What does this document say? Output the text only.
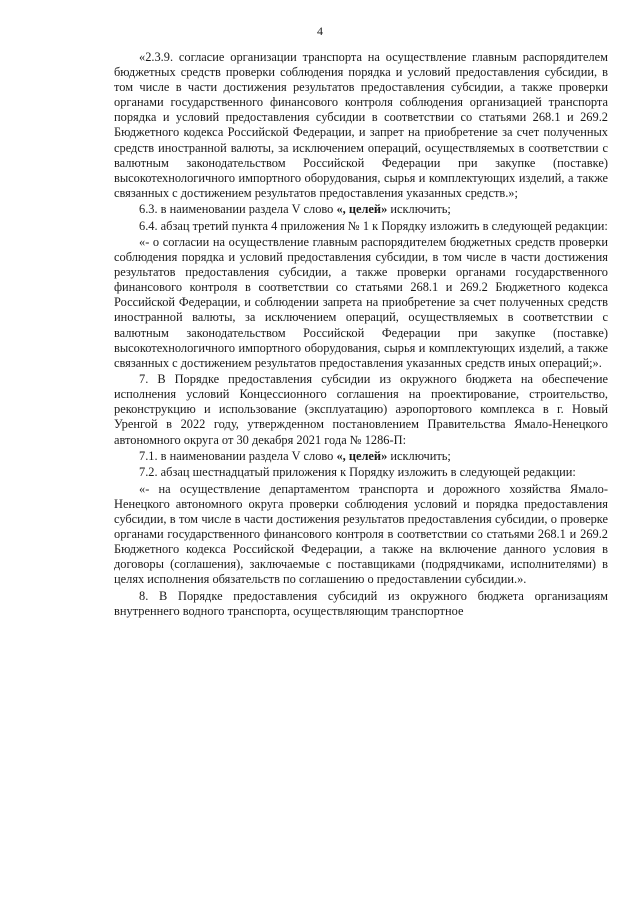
4

«2.3.9. согласие организации транспорта на осуществление главным распорядителем бюджетных средств проверки соблюдения порядка и условий предоставления субсидии, в том числе в части достижения результатов предоставления субсидии, а также проверки органами государственного финансового контроля соблюдения организацией транспорта порядка и условий предоставления субсидии в соответствии со статьями 268.1 и 269.2 Бюджетного кодекса Российской Федерации, и запрет на приобретение за счет полученных средств иностранной валюты, за исключением операций, осуществляемых в соответствии с валютным законодательством Российской Федерации при закупке (поставке) высокотехнологичного импортного оборудования, сырья и комплектующих изделий, а также связанных с достижением результатов предоставления указанных средств.»;

6.3. в наименовании раздела V слово «, целей» исключить;

6.4. абзац третий пункта 4 приложения № 1 к Порядку изложить в следующей редакции:

«- о согласии на осуществление главным распорядителем бюджетных средств проверки соблюдения порядка и условий предоставления субсидии, в том числе в части достижения результатов предоставления субсидии, а также проверки органами государственного финансового контроля в соответствии со статьями 268.1 и 269.2 Бюджетного кодекса Российской Федерации, и соблюдении запрета на приобретение за счет полученных средств иностранной валюты, за исключением операций, осуществляемых в соответствии с валютным законодательством Российской Федерации при закупке (поставке) высокотехнологичного импортного оборудования, сырья и комплектующих изделий, а также связанных с достижением результатов предоставления указанных средств иных операций;».

7. В Порядке предоставления субсидии из окружного бюджета на обеспечение исполнения условий Концессионного соглашения на проектирование, строительство, реконструкцию и использование (эксплуатацию) аэропортового комплекса в г. Новый Уренгой в 2022 году, утвержденном постановлением Правительства Ямало-Ненецкого автономного округа от 30 декабря 2021 года № 1286-П:

7.1. в наименовании раздела V слово «, целей» исключить;

7.2. абзац шестнадцатый приложения к Порядку изложить в следующей редакции:

«- на осуществление департаментом транспорта и дорожного хозяйства Ямало-Ненецкого автономного округа проверки соблюдения условий и порядка предоставления субсидии, в том числе в части достижения результатов предоставления субсидии, о проверке органами государственного финансового контроля в соответствии со статьями 268.1 и 269.2 Бюджетного кодекса Российской Федерации, а также на включение данного условия в договоры (соглашения), заключаемые с поставщиками (подрядчиками, исполнителями) в целях исполнения обязательств по соглашению о предоставлении субсидии.».

8. В Порядке предоставления субсидий из окружного бюджета организациям внутреннего водного транспорта, осуществляющим транспортное
